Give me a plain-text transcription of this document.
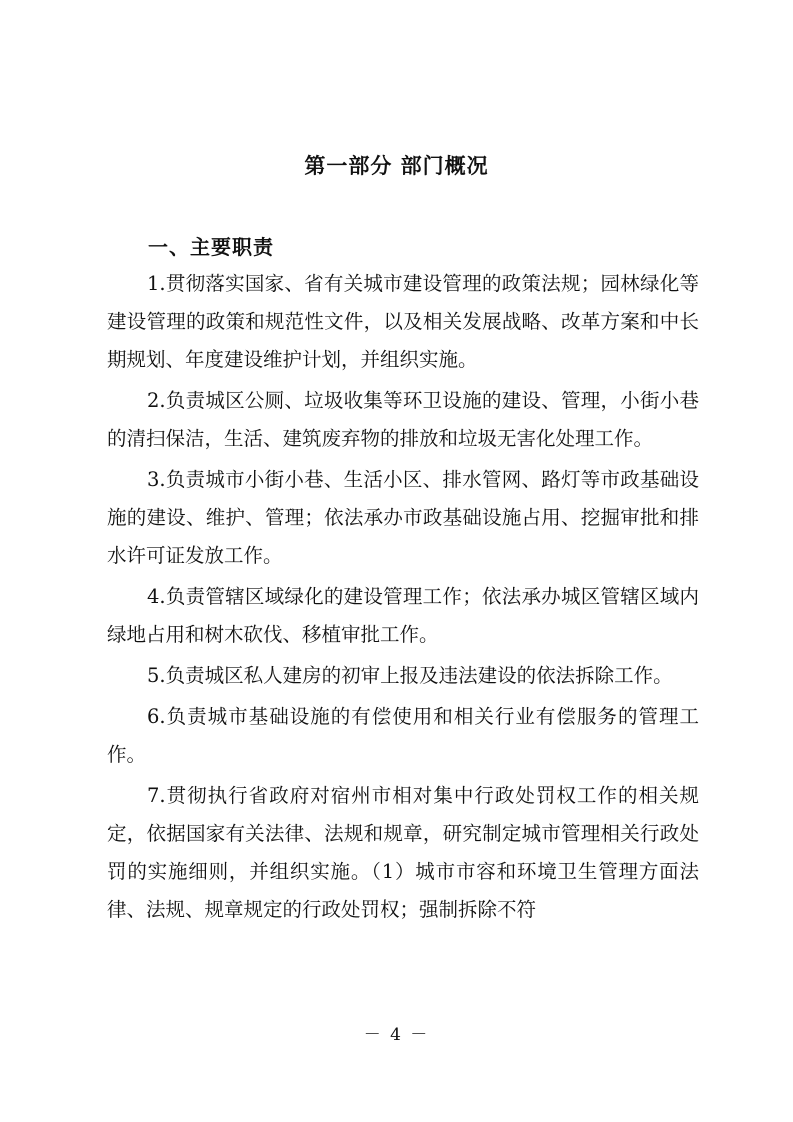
第一部分 部门概况
一、主要职责

1.贯彻落实国家、省有关城市建设管理的政策法规；园林绿化等建设管理的政策和规范性文件，以及相关发展战略、改革方案和中长期规划、年度建设维护计划，并组织实施。

2.负责城区公厕、垃圾收集等环卫设施的建设、管理，小街小巷的清扫保洁，生活、建筑废弃物的排放和垃圾无害化处理工作。

3.负责城市小街小巷、生活小区、排水管网、路灯等市政基础设施的建设、维护、管理；依法承办市政基础设施占用、挖掘审批和排水许可证发放工作。

4.负责管辖区域绿化的建设管理工作；依法承办城区管辖区域内绿地占用和树木砍伐、移植审批工作。

5.负责城区私人建房的初审上报及违法建设的依法拆除工作。

6.负责城市基础设施的有偿使用和相关行业有偿服务的管理工作。

7.贯彻执行省政府对宿州市相对集中行政处罚权工作的相关规定，依据国家有关法律、法规和规章，研究制定城市管理相关行政处罚的实施细则，并组织实施。（1）城市市容和环境卫生管理方面法律、法规、规章规定的行政处罚权；强制拆除不符

－ 4 －
